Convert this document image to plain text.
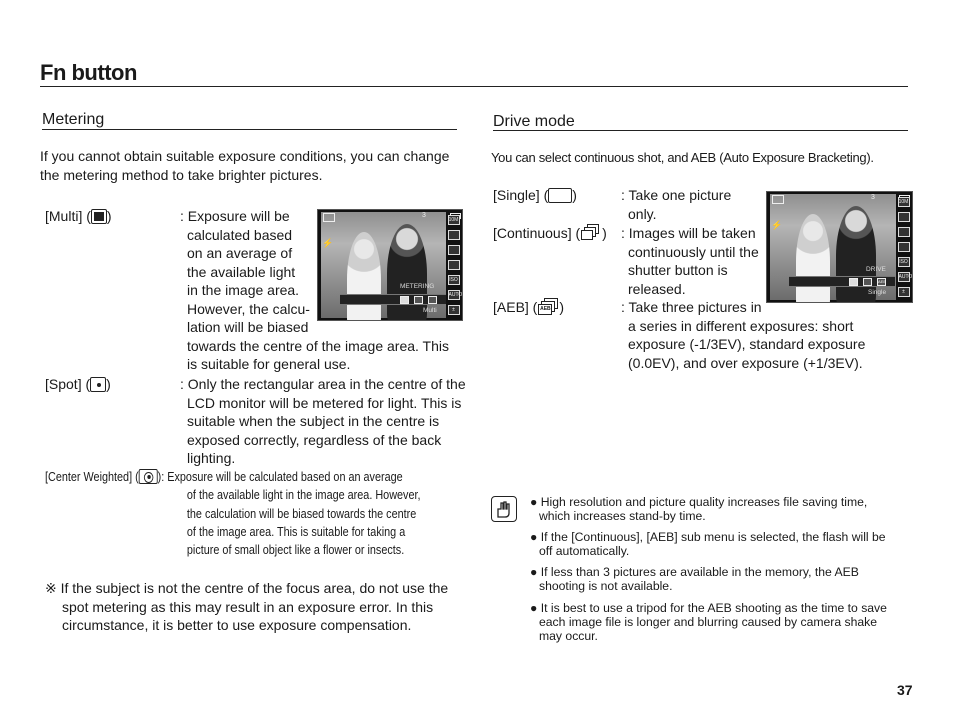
Fn button
Metering
If you cannot obtain suitable exposure conditions, you can change
the metering method to take brighter pictures.
[Multi] ( )	: Exposure will be
calculated based
on an average of
the available light
in the image area.
However, the calcu-
lation will be biased
towards the centre of the image area. This
is suitable for general use.
3
⚡
10M
ISO
AUTO
±
METERING
Multi
[Spot] ( )	: Only the rectangular area in the centre of the
LCD monitor will be metered for light. This is
suitable when the subject in the centre is
exposed correctly, regardless of the back
lighting.
[Center Weighted] ( ): Exposure will be calculated based on an average
of the available light in the image area. However,
the calculation will be biased towards the centre
of the image area. This is suitable for taking a
picture of small object like a flower or insects.
※ If the subject is not the centre of the focus area, do not use the
spot metering as this may result in an exposure error. In this
circumstance, it is better to use exposure compensation.
Drive mode
You can select continuous shot, and AEB (Auto Exposure Bracketing).
[Single] ( )	: Take one picture
only.
[Continuous] ( ) : Images will be taken
continuously until the
shutter button is
released.
[AEB] ( AEB )	: Take three pictures in
a series in different exposures: short
exposure (-1/3EV), standard exposure
(0.0EV), and over exposure (+1/3EV).
3
⚡
10M
ISO
AUTO
±
DRIVE
AEB
Single
● High resolution and picture quality increases file saving time,
which increases stand-by time.
● If the [Continuous], [AEB] sub menu is selected, the flash will be
off automatically.
● If less than 3 pictures are available in the memory, the AEB
shooting is not available.
● It is best to use a tripod for the AEB shooting as the time to save
each image file is longer and blurring caused by camera shake
may occur.
37
